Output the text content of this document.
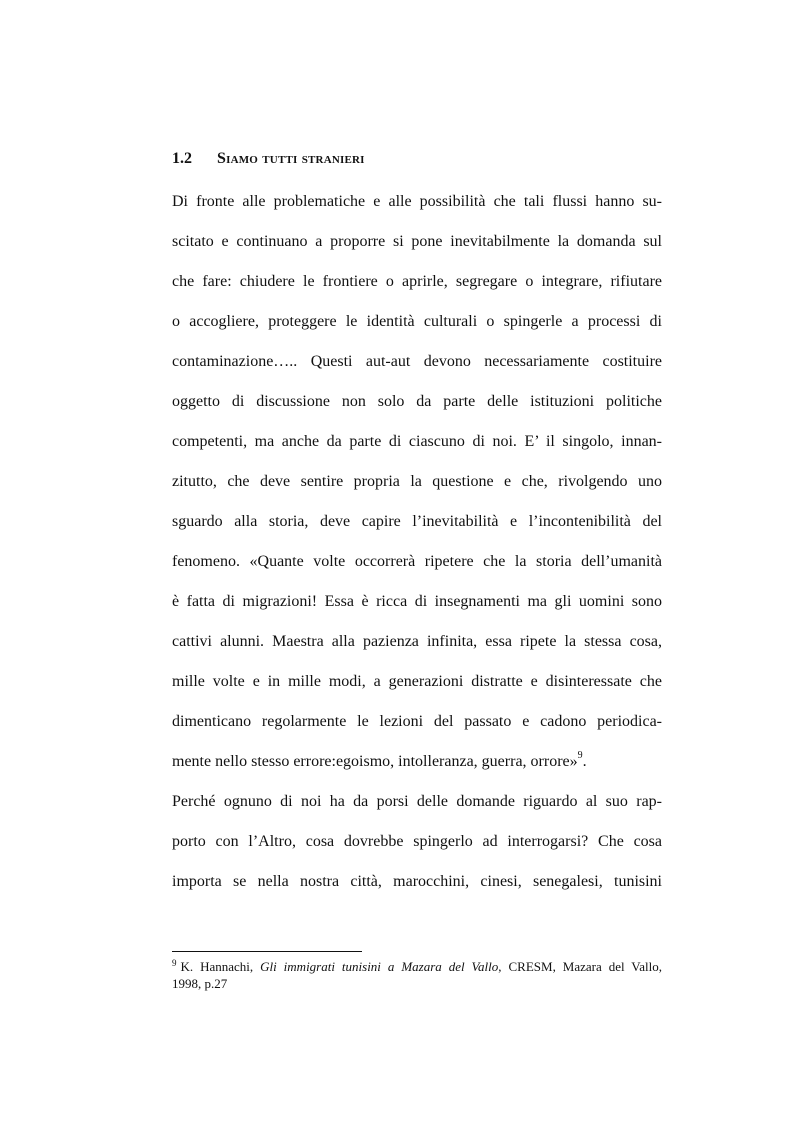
1.2 Siamo tutti stranieri
Di fronte alle problematiche e alle possibilità che tali flussi hanno su-
scitato e continuano a proporre si pone inevitabilmente la domanda sul
che fare: chiudere le frontiere o aprirle, segregare o integrare, rifiutare
o accogliere, proteggere le identità culturali o spingerle a processi di
contaminazione….. Questi aut-aut devono necessariamente costituire
oggetto di discussione non solo da parte delle istituzioni politiche
competenti, ma anche da parte di ciascuno di noi. E’ il singolo, innan-
zitutto, che deve sentire propria la questione e che, rivolgendo uno
sguardo alla storia, deve capire l’inevitabilità e l’incontenibilità del
fenomeno. «Quante volte occorrerà ripetere che la storia dell’umanità
è fatta di migrazioni! Essa è ricca di insegnamenti ma gli uomini sono
cattivi alunni. Maestra alla pazienza infinita, essa ripete la stessa cosa,
mille volte e in mille modi, a generazioni distratte e disinteressate che
dimenticano regolarmente le lezioni del passato e cadono periodica-
mente nello stesso errore:egoismo, intolleranza, guerra, orrore»$^9$.
Perché ognuno di noi ha da porsi delle domande riguardo al suo rap-
porto con l’Altro, cosa dovrebbe spingerlo ad interrogarsi? Che cosa
importa se nella nostra città, marocchini, cinesi, senegalesi, tunisini
$^9$ K. Hannachi, Gli immigrati tunisini a Mazara del Vallo, CRESM, Mazara del Vallo,
1998, p.27
